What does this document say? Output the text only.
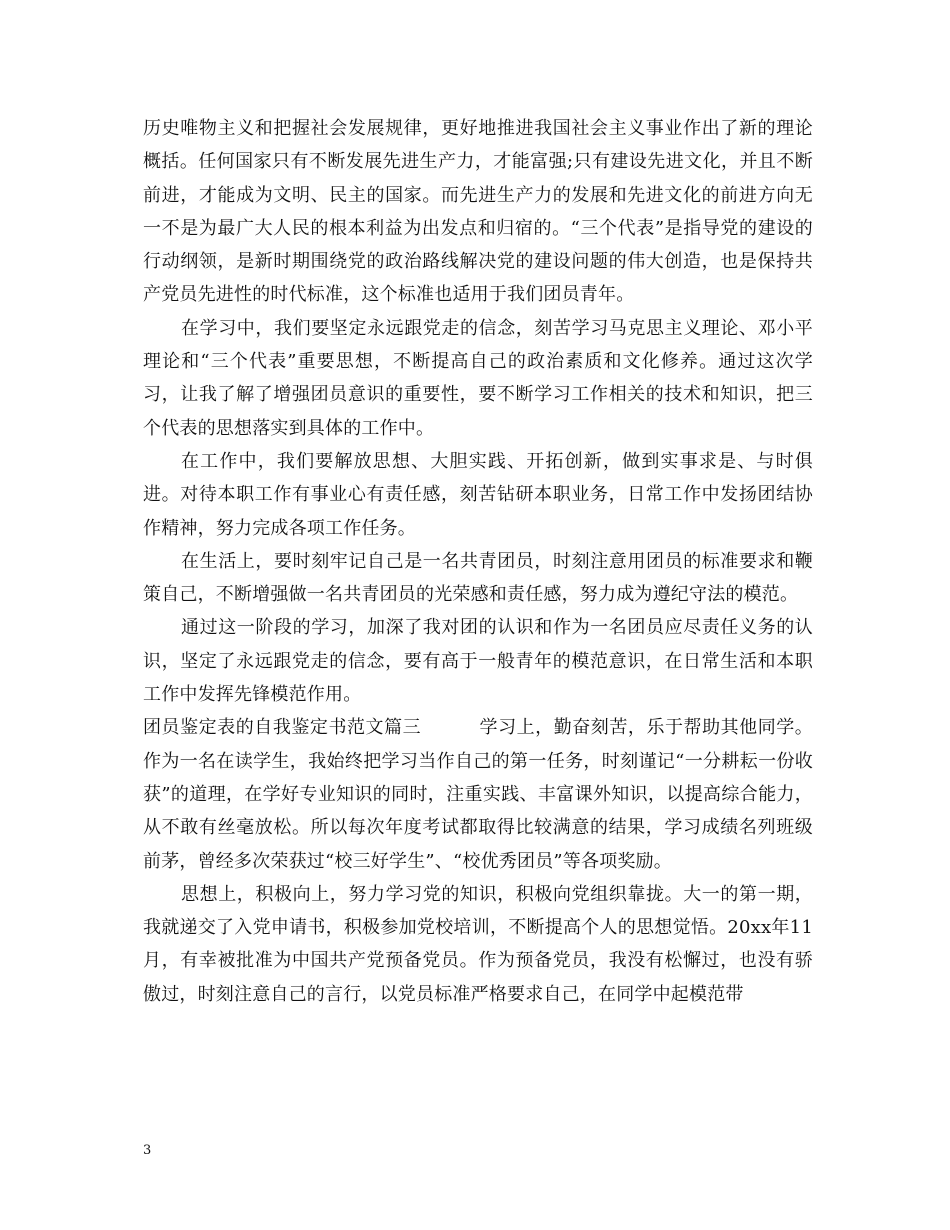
历史唯物主义和把握社会发展规律，更好地推进我国社会主义事业作出了新的理论概括。任何国家只有不断发展先进生产力，才能富强;只有建设先进文化，并且不断前进，才能成为文明、民主的国家。而先进生产力的发展和先进文化的前进方向无一不是为最广大人民的根本利益为出发点和归宿的。“三个代表”是指导党的建设的行动纲领，是新时期围绕党的政治路线解决党的建设问题的伟大创造，也是保持共产党员先进性的时代标准，这个标准也适用于我们团员青年。

在学习中，我们要坚定永远跟党走的信念，刻苦学习马克思主义理论、邓小平理论和“三个代表”重要思想，不断提高自己的政治素质和文化修养。通过这次学习，让我了解了增强团员意识的重要性，要不断学习工作相关的技术和知识，把三个代表的思想落实到具体的工作中。

在工作中，我们要解放思想、大胆实践、开拓创新，做到实事求是、与时俱进。对待本职工作有事业心有责任感，刻苦钻研本职业务，日常工作中发扬团结协作精神，努力完成各项工作任务。

在生活上，要时刻牢记自己是一名共青团员，时刻注意用团员的标准要求和鞭策自己，不断增强做一名共青团员的光荣感和责任感，努力成为遵纪守法的模范。

通过这一阶段的学习，加深了我对团的认识和作为一名团员应尽责任义务的认识，坚定了永远跟党走的信念，要有高于一般青年的模范意识，在日常生活和本职工作中发挥先锋模范作用。

团员鉴定表的自我鉴定书范文篇三	学习上，勤奋刻苦，乐于帮助其他同学。作为一名在读学生，我始终把学习当作自己的第一任务，时刻谨记“一分耕耘一份收获”的道理，在学好专业知识的同时，注重实践、丰富课外知识，以提高综合能力，从不敢有丝毫放松。所以每次年度考试都取得比较满意的结果，学习成绩名列班级前茅，曾经多次荣获过“校三好学生”、“校优秀团员”等各项奖励。

思想上，积极向上，努力学习党的知识，积极向党组织靠拢。大一的第一期，我就递交了入党申请书，积极参加党校培训，不断提高个人的思想觉悟。20xx年11月，有幸被批准为中国共产党预备党员。作为预备党员，我没有松懈过，也没有骄傲过，时刻注意自己的言行，以党员标准严格要求自己，在同学中起模范带

3
